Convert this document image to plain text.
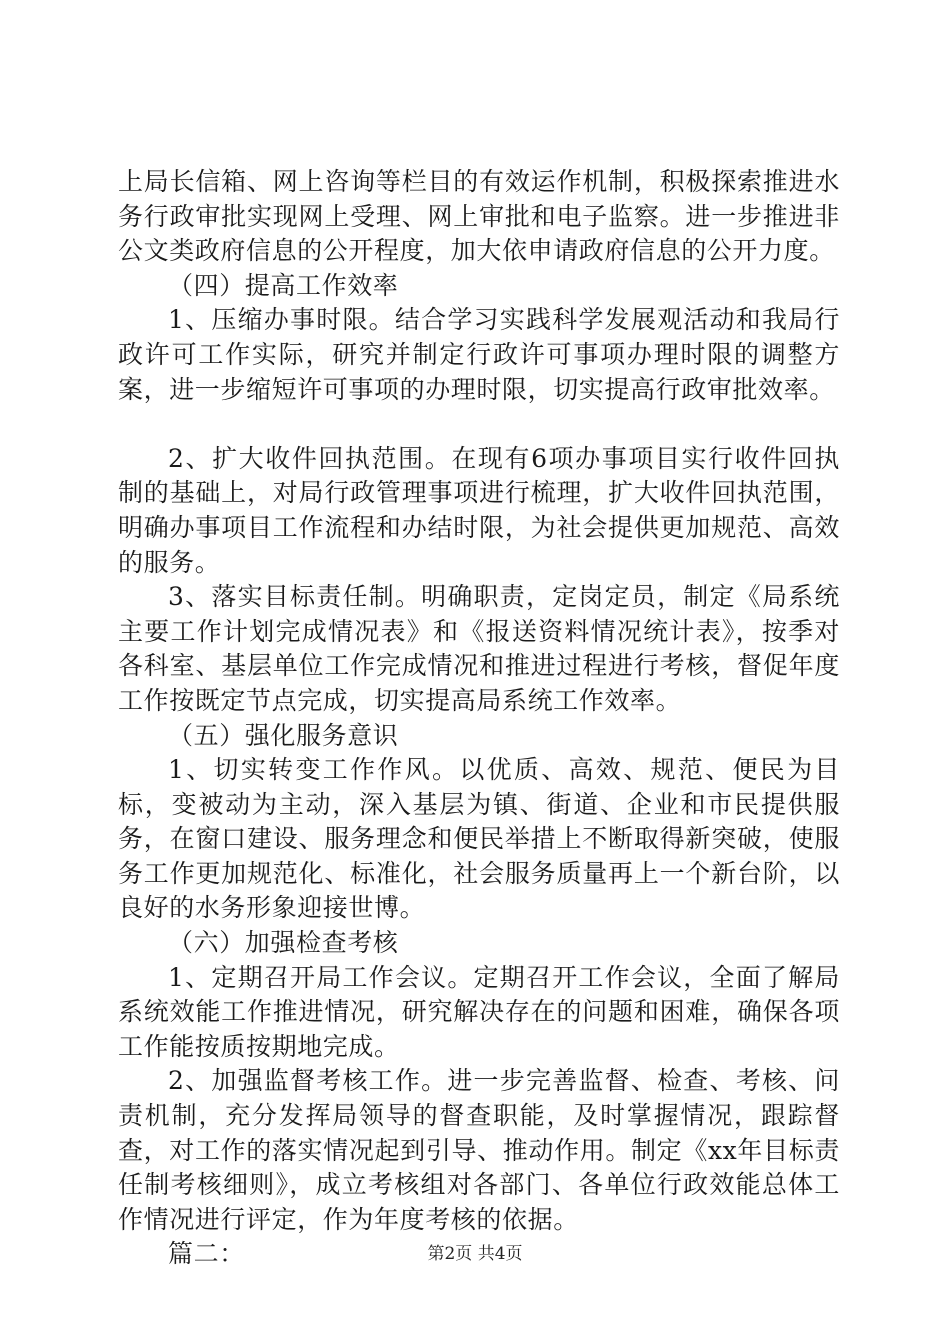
上局长信箱、网上咨询等栏目的有效运作机制，积极探索推进水务行政审批实现网上受理、网上审批和电子监察。进一步推进非公文类政府信息的公开程度，加大依申请政府信息的公开力度。

（四）提高工作效率

1、压缩办事时限。结合学习实践科学发展观活动和我局行政许可工作实际，研究并制定行政许可事项办理时限的调整方案，进一步缩短许可事项的办理时限，切实提高行政审批效率。

2、扩大收件回执范围。在现有6项办事项目实行收件回执制的基础上，对局行政管理事项进行梳理，扩大收件回执范围，明确办事项目工作流程和办结时限，为社会提供更加规范、高效的服务。

3、落实目标责任制。明确职责，定岗定员，制定《局系统主要工作计划完成情况表》和《报送资料情况统计表》，按季对各科室、基层单位工作完成情况和推进过程进行考核，督促年度工作按既定节点完成，切实提高局系统工作效率。

（五）强化服务意识

1、切实转变工作作风。以优质、高效、规范、便民为目标，变被动为主动，深入基层为镇、街道、企业和市民提供服务，在窗口建设、服务理念和便民举措上不断取得新突破，使服务工作更加规范化、标准化，社会服务质量再上一个新台阶，以良好的水务形象迎接世博。

（六）加强检查考核

1、定期召开局工作会议。定期召开工作会议，全面了解局系统效能工作推进情况，研究解决存在的问题和困难，确保各项工作能按质按期地完成。

2、加强监督考核工作。进一步完善监督、检查、考核、问责机制，充分发挥局领导的督查职能，及时掌握情况，跟踪督查，对工作的落实情况起到引导、推动作用。制定《xx年目标责任制考核细则》，成立考核组对各部门、各单位行政效能总体工作情况进行评定，作为年度考核的依据。

篇二：	第2页 共4页
